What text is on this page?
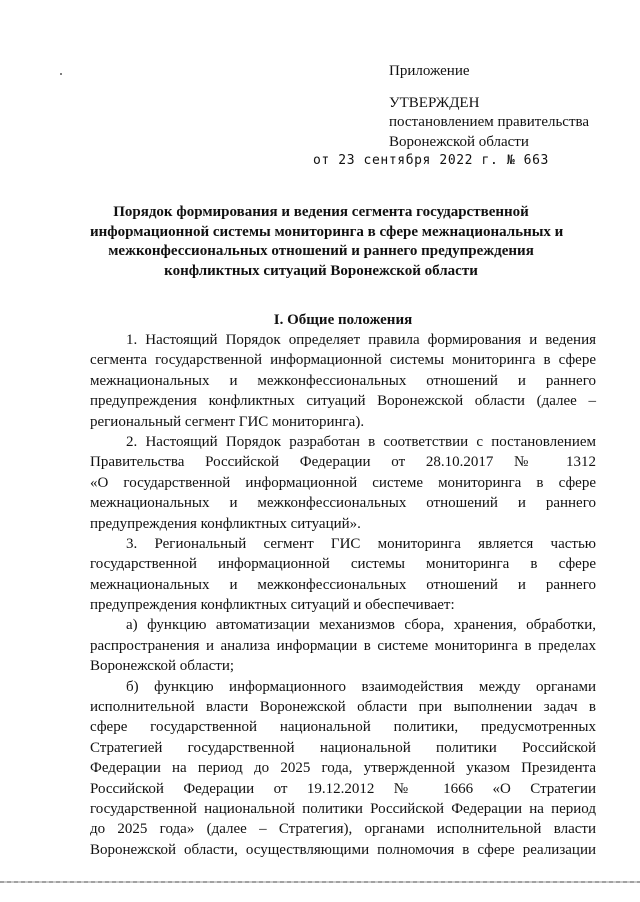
Приложение
УТВЕРЖДЕН
постановлением правительства
Воронежской области
от 23 сентября 2022 г. № 663
Порядок формирования и ведения сегмента государственной
информационной системы мониторинга в сфере межнациональных и
межконфессиональных отношений и раннего предупреждения
конфликтных ситуаций Воронежской области
I. Общие положения
1. Настоящий Порядок определяет правила формирования и ведения
сегмента государственной информационной системы мониторинга в сфере
межнациональных и межконфессиональных отношений и раннего
предупреждения конфликтных ситуаций Воронежской области (далее –
региональный сегмент ГИС мониторинга).
2. Настоящий Порядок разработан в соответствии с постановлением
Правительства Российской Федерации от 28.10.2017 № 1312
«О государственной информационной системе мониторинга в сфере
межнациональных и межконфессиональных отношений и раннего
предупреждения конфликтных ситуаций».
3. Региональный сегмент ГИС мониторинга является частью
государственной информационной системы мониторинга в сфере
межнациональных и межконфессиональных отношений и раннего
предупреждения конфликтных ситуаций и обеспечивает:
а) функцию автоматизации механизмов сбора, хранения, обработки,
распространения и анализа информации в системе мониторинга в пределах
Воронежской области;
б) функцию информационного взаимодействия между органами
исполнительной власти Воронежской области при выполнении задач в
сфере государственной национальной политики, предусмотренных
Стратегией государственной национальной политики Российской
Федерации на период до 2025 года, утвержденной указом Президента
Российской Федерации от 19.12.2012 № 1666 «О Стратегии
государственной национальной политики Российской Федерации на период
до 2025 года» (далее – Стратегия), органами исполнительной власти
Воронежской области, осуществляющими полномочия в сфере реализации
